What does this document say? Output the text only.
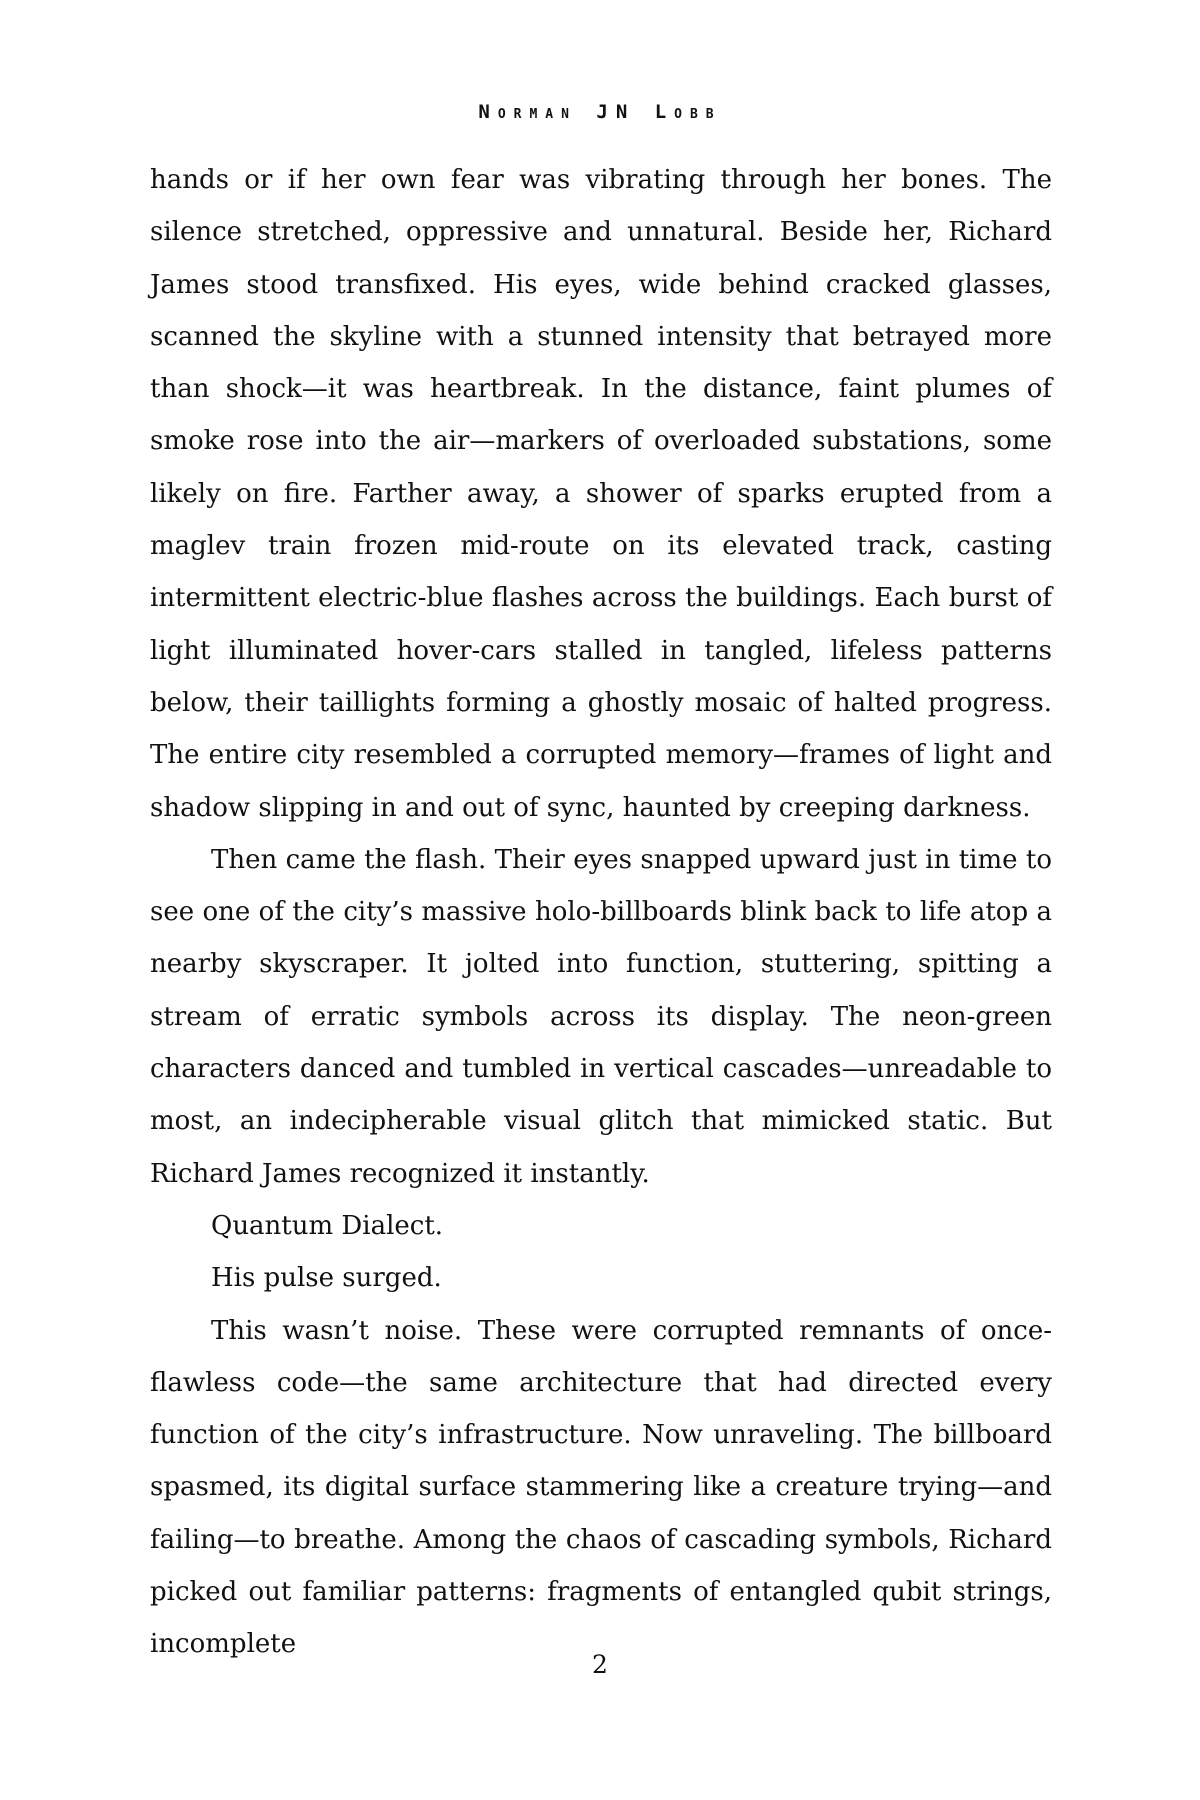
Norman JN Lobb

hands or if her own fear was vibrating through her bones. The silence stretched, oppressive and unnatural. Beside her, Richard James stood transfixed. His eyes, wide behind cracked glasses, scanned the skyline with a stunned intensity that betrayed more than shock—it was heartbreak. In the distance, faint plumes of smoke rose into the air—markers of overloaded substations, some likely on fire. Farther away, a shower of sparks erupted from a maglev train frozen mid-route on its elevated track, casting intermittent electric-blue flashes across the buildings. Each burst of light illuminated hover-cars stalled in tangled, lifeless patterns below, their taillights forming a ghostly mosaic of halted progress. The entire city resembled a corrupted memory—frames of light and shadow slipping in and out of sync, haunted by creeping darkness.

Then came the flash. Their eyes snapped upward just in time to see one of the city’s massive holo-billboards blink back to life atop a nearby skyscraper. It jolted into function, stuttering, spitting a stream of erratic symbols across its display. The neon-green characters danced and tumbled in vertical cascades—unreadable to most, an indecipherable visual glitch that mimicked static. But Richard James recognized it instantly.

Quantum Dialect.

His pulse surged.

This wasn’t noise. These were corrupted remnants of once-flawless code—the same architecture that had directed every function of the city’s infrastructure. Now unraveling. The billboard spasmed, its digital surface stammering like a creature trying—and failing—to breathe. Among the chaos of cascading symbols, Richard picked out familiar patterns: fragments of entangled qubit strings, incomplete

2
